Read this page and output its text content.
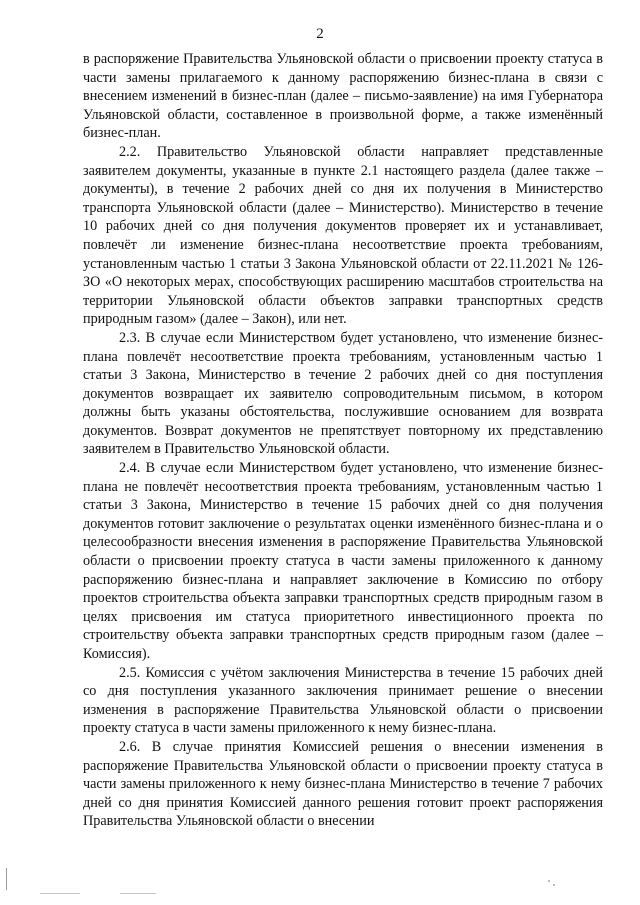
2

в распоряжение Правительства Ульяновской области о присвоении проекту статуса в части замены прилагаемого к данному распоряжению бизнес-плана в связи с внесением изменений в бизнес-план (далее – письмо-заявление) на имя Губернатора Ульяновской области, составленное в произвольной форме, а также изменённый бизнес-план.

2.2. Правительство Ульяновской области направляет представленные заявителем документы, указанные в пункте 2.1 настоящего раздела (далее также – документы), в течение 2 рабочих дней со дня их получения в Министерство транспорта Ульяновской области (далее – Министерство). Министерство в течение 10 рабочих дней со дня получения документов проверяет их и устанавливает, повлечёт ли изменение бизнес-плана несоответствие проекта требованиям, установленным частью 1 статьи 3 Закона Ульяновской области от 22.11.2021 № 126-ЗО «О некоторых мерах, способствующих расширению масштабов строительства на территории Ульяновской области объектов заправки транспортных средств природным газом» (далее – Закон), или нет.

2.3. В случае если Министерством будет установлено, что изменение бизнес-плана повлечёт несоответствие проекта требованиям, установленным частью 1 статьи 3 Закона, Министерство в течение 2 рабочих дней со дня поступления документов возвращает их заявителю сопроводительным письмом, в котором должны быть указаны обстоятельства, послужившие основанием для возврата документов. Возврат документов не препятствует повторному их представлению заявителем в Правительство Ульяновской области.

2.4. В случае если Министерством будет установлено, что изменение бизнес-плана не повлечёт несоответствия проекта требованиям, установленным частью 1 статьи 3 Закона, Министерство в течение 15 рабочих дней со дня получения документов готовит заключение о результатах оценки изменённого бизнес-плана и о целесообразности внесения изменения в распоряжение Правительства Ульяновской области о присвоении проекту статуса в части замены приложенного к данному распоряжению бизнес-плана и направляет заключение в Комиссию по отбору проектов строительства объекта заправки транспортных средств природным газом в целях присвоения им статуса приоритетного инвестиционного проекта по строительству объекта заправки транспортных средств природным газом (далее – Комиссия).

2.5. Комиссия с учётом заключения Министерства в течение 15 рабочих дней со дня поступления указанного заключения принимает решение о внесении изменения в распоряжение Правительства Ульяновской области о присвоении проекту статуса в части замены приложенного к нему бизнес-плана.

2.6. В случае принятия Комиссией решения о внесении изменения в распоряжение Правительства Ульяновской области о присвоении проекту статуса в части замены приложенного к нему бизнес-плана Министерство в течение 7 рабочих дней со дня принятия Комиссией данного решения готовит проект распоряжения Правительства Ульяновской области о внесении
